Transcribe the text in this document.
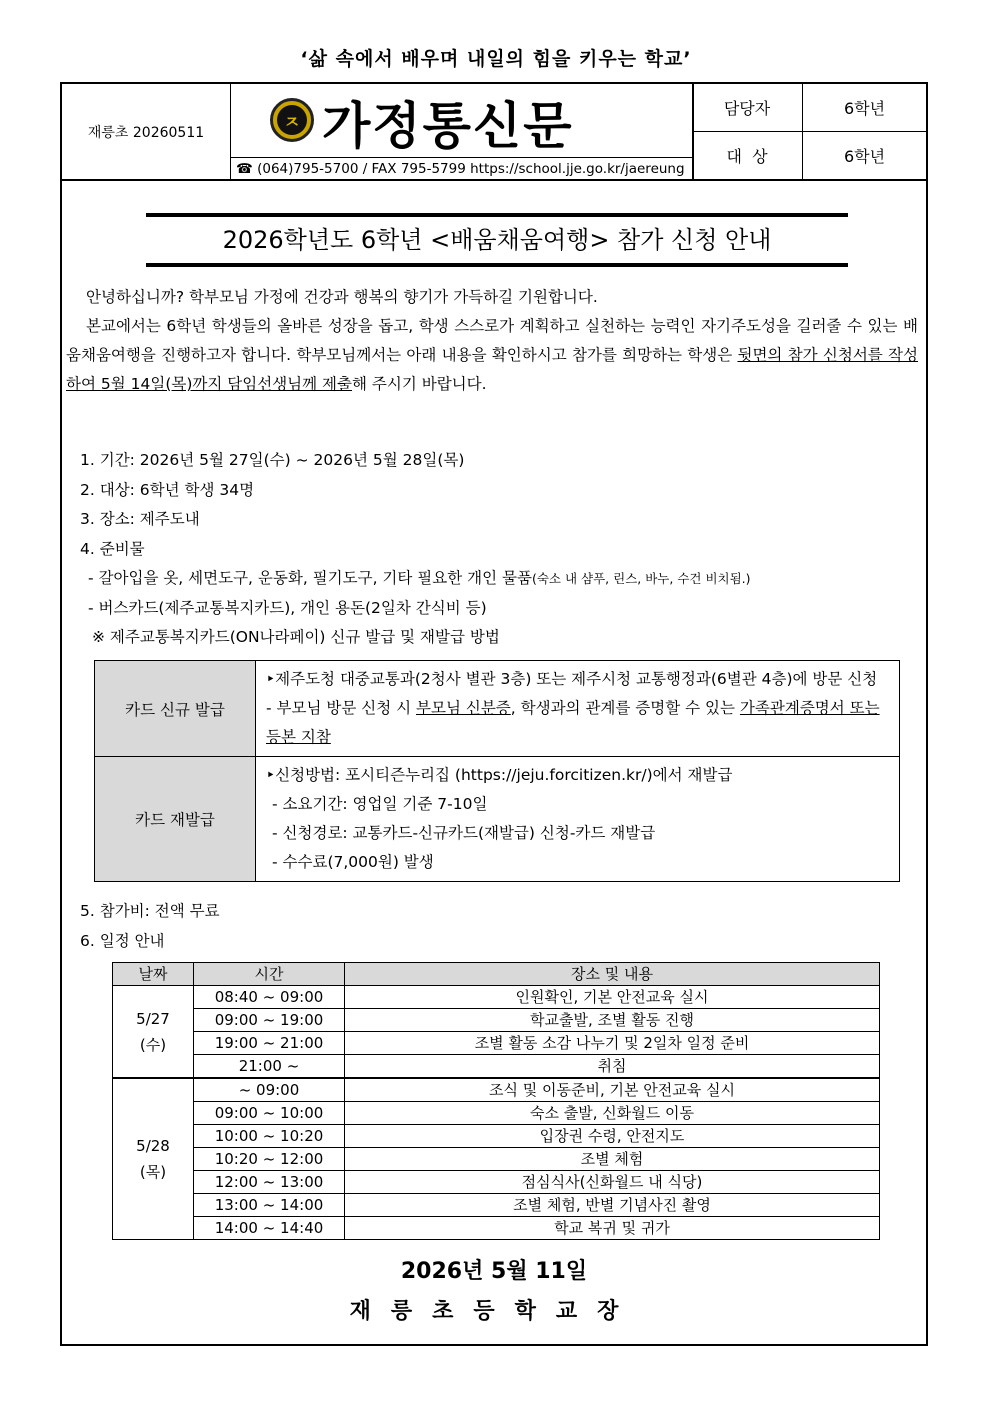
‘삶 속에서 배우며 내일의 힘을 키우는 학교’
재릉초 20260511	ㅈ 가정통신문
☎ (064)795-5700 / FAX 795-5799 https://school.jje.go.kr/jaereung
담당자	6학년
대  상	6학년
2026학년도 6학년 <배움채움여행> 참가 신청 안내

안녕하십니까? 학부모님 가정에 건강과 행복의 향기가 가득하길 기원합니다.

본교에서는 6학년 학생들의 올바른 성장을 돕고, 학생 스스로가 계획하고 실천하는 능력인 자기주도성을 길러줄 수 있는 배움채움여행을 진행하고자 합니다. 학부모님께서는 아래 내용을 확인하시고 참가를 희망하는 학생은 뒷면의 참가 신청서를 작성하여 5월 14일(목)까지 담임선생님께 제출해 주시기 바랍니다.

1. 기간: 2026년 5월 27일(수) ~ 2026년 5월 28일(목)
2. 대상: 6학년 학생 34명
3. 장소: 제주도내
4. 준비물
- 갈아입을 옷, 세면도구, 운동화, 필기도구, 기타 필요한 개인 물품(숙소 내 샴푸, 린스, 바누, 수건 비치됨.)
- 버스카드(제주교통복지카드), 개인 용돈(2일차 간식비 등)
※ 제주교통복지카드(ON나라페이) 신규 발급 및 재발급 방법
카드 신규 발급	‣제주도청 대중교통과(2청사 별관 3층) 또는 제주시청 교통행정과(6별관 4층)에 방문 신청
- 부모님 방문 신청 시 부모님 신분증, 학생과의 관계를 증명할 수 있는 가족관계증명서 또는 등본 지참

카드 재발급	‣신청방법: 포시티즌누리집 (https://jeju.forcitizen.kr/)에서 재발급
- 소요기간: 영업일 기준 7-10일
- 신청경로: 교통카드-신규카드(재발급) 신청-카드 재발급
- 수수료(7,000원) 발생
5. 참가비: 전액 무료
6. 일정 안내
날짜	시간	장소 및 내용

5/27
(수)	08:40 ~ 09:00	인원확인, 기본 안전교육 실시
	09:00 ~ 19:00	학교출발, 조별 활동 진행
	19:00 ~ 21:00	조별 활동 소감 나누기 및 2일차 일정 준비
	21:00 ~	취침

5/28
(목)	~ 09:00	조식 및 이동준비, 기본 안전교육 실시
	09:00 ~ 10:00	숙소 출발, 신화월드 이동
	10:00 ~ 10:20	입장권 수령, 안전지도
	10:20 ~ 12:00	조별 체험
	12:00 ~ 13:00	점심식사(신화월드 내 식당)
	13:00 ~ 14:00	조별 체험, 반별 기념사진 촬영
	14:00 ~ 14:40	학교 복귀 및 귀가
2026년 5월 11일
재릉초등학교장
